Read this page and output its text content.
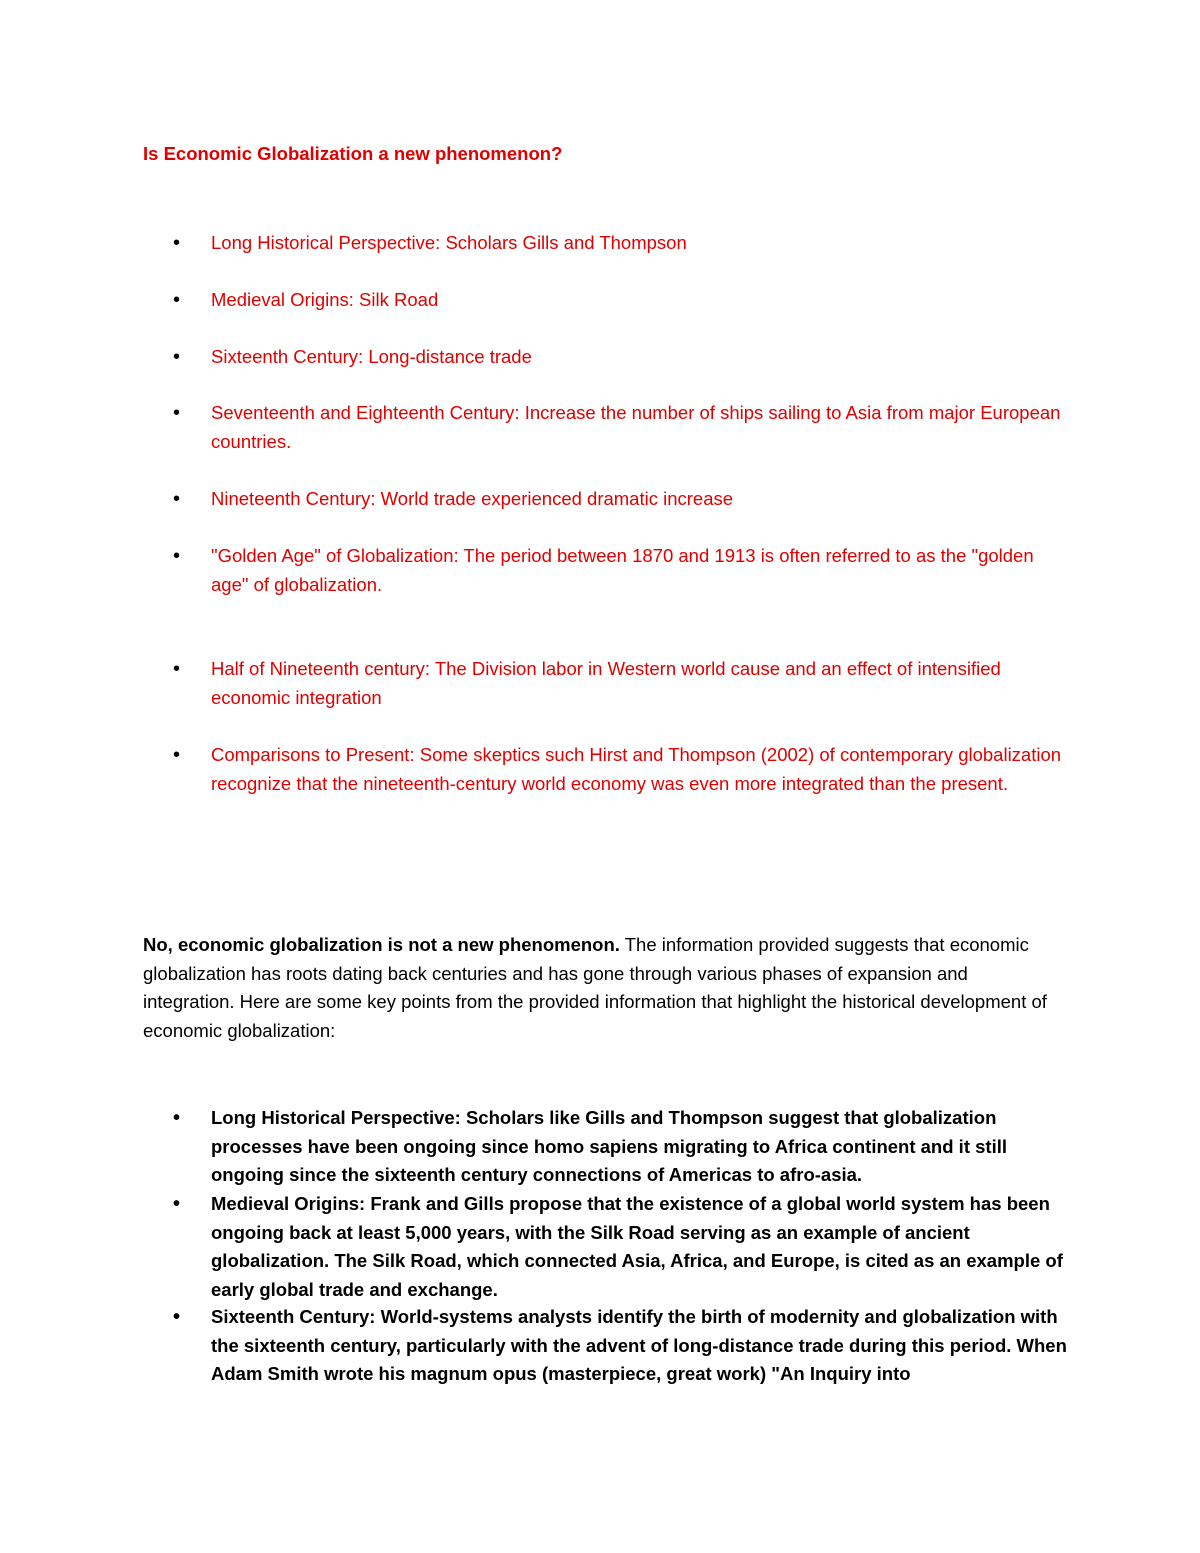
Is Economic Globalization a new phenomenon?
• Long Historical Perspective: Scholars Gills and Thompson
• Medieval Origins: Silk Road
• Sixteenth Century: Long-distance trade
• Seventeenth and Eighteenth Century: Increase the number of ships sailing to Asia from major European countries.
• Nineteenth Century: World trade experienced dramatic increase
• "Golden Age" of Globalization: The period between 1870 and 1913 is often referred to as the "golden age" of globalization.
• Half of Nineteenth century: The Division labor in Western world cause and an effect of intensified economic integration
• Comparisons to Present: Some skeptics such Hirst and Thompson (2002) of contemporary globalization recognize that the nineteenth-century world economy was even more integrated than the present.
No, economic globalization is not a new phenomenon. The information provided suggests that economic globalization has roots dating back centuries and has gone through various phases of expansion and integration. Here are some key points from the provided information that highlight the historical development of economic globalization:
• Long Historical Perspective: Scholars like Gills and Thompson suggest that globalization processes have been ongoing since homo sapiens migrating to Africa continent and it still ongoing since the sixteenth century connections of Americas to afro-asia.
• Medieval Origins: Frank and Gills propose that the existence of a global world system has been ongoing back at least 5,000 years, with the Silk Road serving as an example of ancient globalization. The Silk Road, which connected Asia, Africa, and Europe, is cited as an example of early global trade and exchange.
• Sixteenth Century: World-systems analysts identify the birth of modernity and globalization with the sixteenth century, particularly with the advent of long-distance trade during this period. When Adam Smith wrote his magnum opus (masterpiece, great work) "An Inquiry into
